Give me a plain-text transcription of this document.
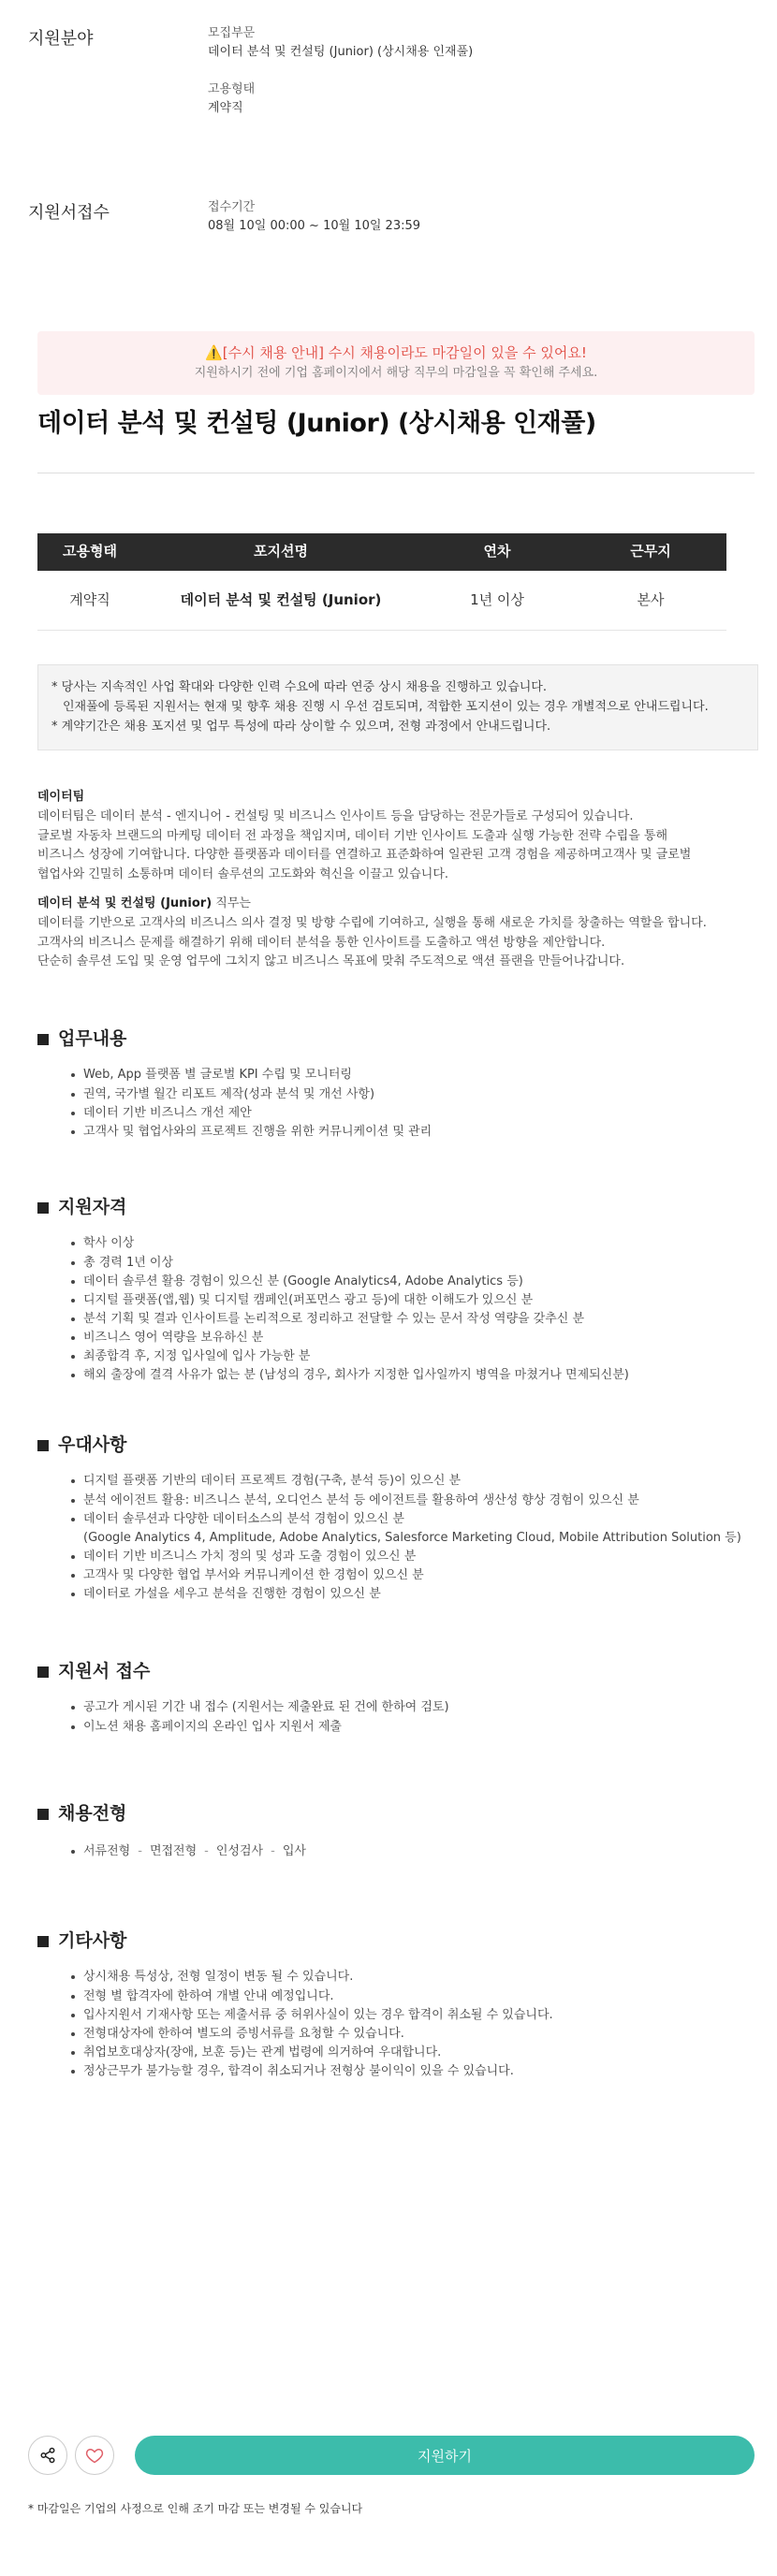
지원분야	모집부문
데이터 분석 및 컨설팅 (Junior) (상시채용 인재풀)
고용형태
계약직
지원서접수	접수기간
08월 10일 00:00 ~ 10월 10일 23:59
⚠️[수시 채용 안내] 수시 채용이라도 마감일이 있을 수 있어요!
지원하시기 전에 기업 홈페이지에서 해당 직무의 마감일을 꼭 확인해 주세요.
데이터 분석 및 컨설팅 (Junior) (상시채용 인재풀)
고용형태	포지션명	연차	근무지
계약직	데이터 분석 및 컨설팅 (Junior)	1년 이상	본사
* 당사는 지속적인 사업 확대와 다양한 인력 수요에 따라 연중 상시 채용을 진행하고 있습니다.
인재풀에 등록된 지원서는 현재 및 향후 채용 진행 시 우선 검토되며, 적합한 포지션이 있는 경우 개별적으로 안내드립니다.
* 계약기간은 채용 포지션 및 업무 특성에 따라 상이할 수 있으며, 전형 과정에서 안내드립니다.
데이터팀
데이터팀은 데이터 분석 - 엔지니어 - 컨설팅 및 비즈니스 인사이트 등을 담당하는 전문가들로 구성되어 있습니다.
글로벌 자동차 브랜드의 마케팅 데이터 전 과정을 책임지며, 데이터 기반 인사이트 도출과 실행 가능한 전략 수립을 통해
비즈니스 성장에 기여합니다. 다양한 플랫폼과 데이터를 연결하고 표준화하여 일관된 고객 경험을 제공하며고객사 및 글로벌
협업사와 긴밀히 소통하며 데이터 솔루션의 고도화와 혁신을 이끌고 있습니다.
데이터 분석 및 컨설팅 (Junior) 직무는
데이터를 기반으로 고객사의 비즈니스 의사 결정 및 방향 수립에 기여하고, 실행을 통해 새로운 가치를 창출하는 역할을 합니다.
고객사의 비즈니스 문제를 해결하기 위해 데이터 분석을 통한 인사이트를 도출하고 액션 방향을 제안합니다.
단순히 솔루션 도입 및 운영 업무에 그치지 않고 비즈니스 목표에 맞춰 주도적으로 액션 플랜을 만들어나갑니다.
업무내용
Web, App 플랫폼 별 글로벌 KPI 수립 및 모니터링
권역, 국가별 월간 리포트 제작(성과 분석 및 개선 사항)
데이터 기반 비즈니스 개선 제안
고객사 및 협업사와의 프로젝트 진행을 위한 커뮤니케이션 및 관리
지원자격
학사 이상
총 경력 1년 이상
데이터 솔루션 활용 경험이 있으신 분 (Google Analytics4, Adobe Analytics 등)
디지털 플랫폼(앱,웹) 및 디지털 캠페인(퍼포먼스 광고 등)에 대한 이해도가 있으신 분
분석 기획 및 결과 인사이트를 논리적으로 정리하고 전달할 수 있는 문서 작성 역량을 갖추신 분
비즈니스 영어 역량을 보유하신 분
최종합격 후, 지정 입사일에 입사 가능한 분
해외 출장에 결격 사유가 없는 분 (남성의 경우, 회사가 지정한 입사일까지 병역을 마쳤거나 면제되신분)
우대사항
디지털 플랫폼 기반의 데이터 프로젝트 경험(구축, 분석 등)이 있으신 분
분석 에이전트 활용: 비즈니스 분석, 오디언스 분석 등 에이전트를 활용하여 생산성 향상 경험이 있으신 분
데이터 솔루션과 다양한 데이터소스의 분석 경험이 있으신 분
(Google Analytics 4, Amplitude, Adobe Analytics, Salesforce Marketing Cloud, Mobile Attribution Solution 등)
데이터 기반 비즈니스 가치 정의 및 성과 도출 경험이 있으신 분
고객사 및 다양한 협업 부서와 커뮤니케이션 한 경험이 있으신 분
데이터로 가설을 세우고 분석을 진행한 경험이 있으신 분
지원서 접수
공고가 게시된 기간 내 접수 (지원서는 제출완료 된 건에 한하여 검토)
이노션 채용 홈페이지의 온라인 입사 지원서 제출
채용전형
서류전형 - 면접전형 - 인성검사 - 입사
기타사항
상시채용 특성상, 전형 일정이 변동 될 수 있습니다.
전형 별 합격자에 한하여 개별 안내 예정입니다.
입사지원서 기재사항 또는 제출서류 중 허위사실이 있는 경우 합격이 취소될 수 있습니다.
전형대상자에 한하여 별도의 증빙서류를 요청할 수 있습니다.
취업보호대상자(장애, 보훈 등)는 관계 법령에 의거하여 우대합니다.
정상근무가 불가능할 경우, 합격이 취소되거나 전형상 불이익이 있을 수 있습니다.
지원하기
* 마감일은 기업의 사정으로 인해 조기 마감 또는 변경될 수 있습니다
